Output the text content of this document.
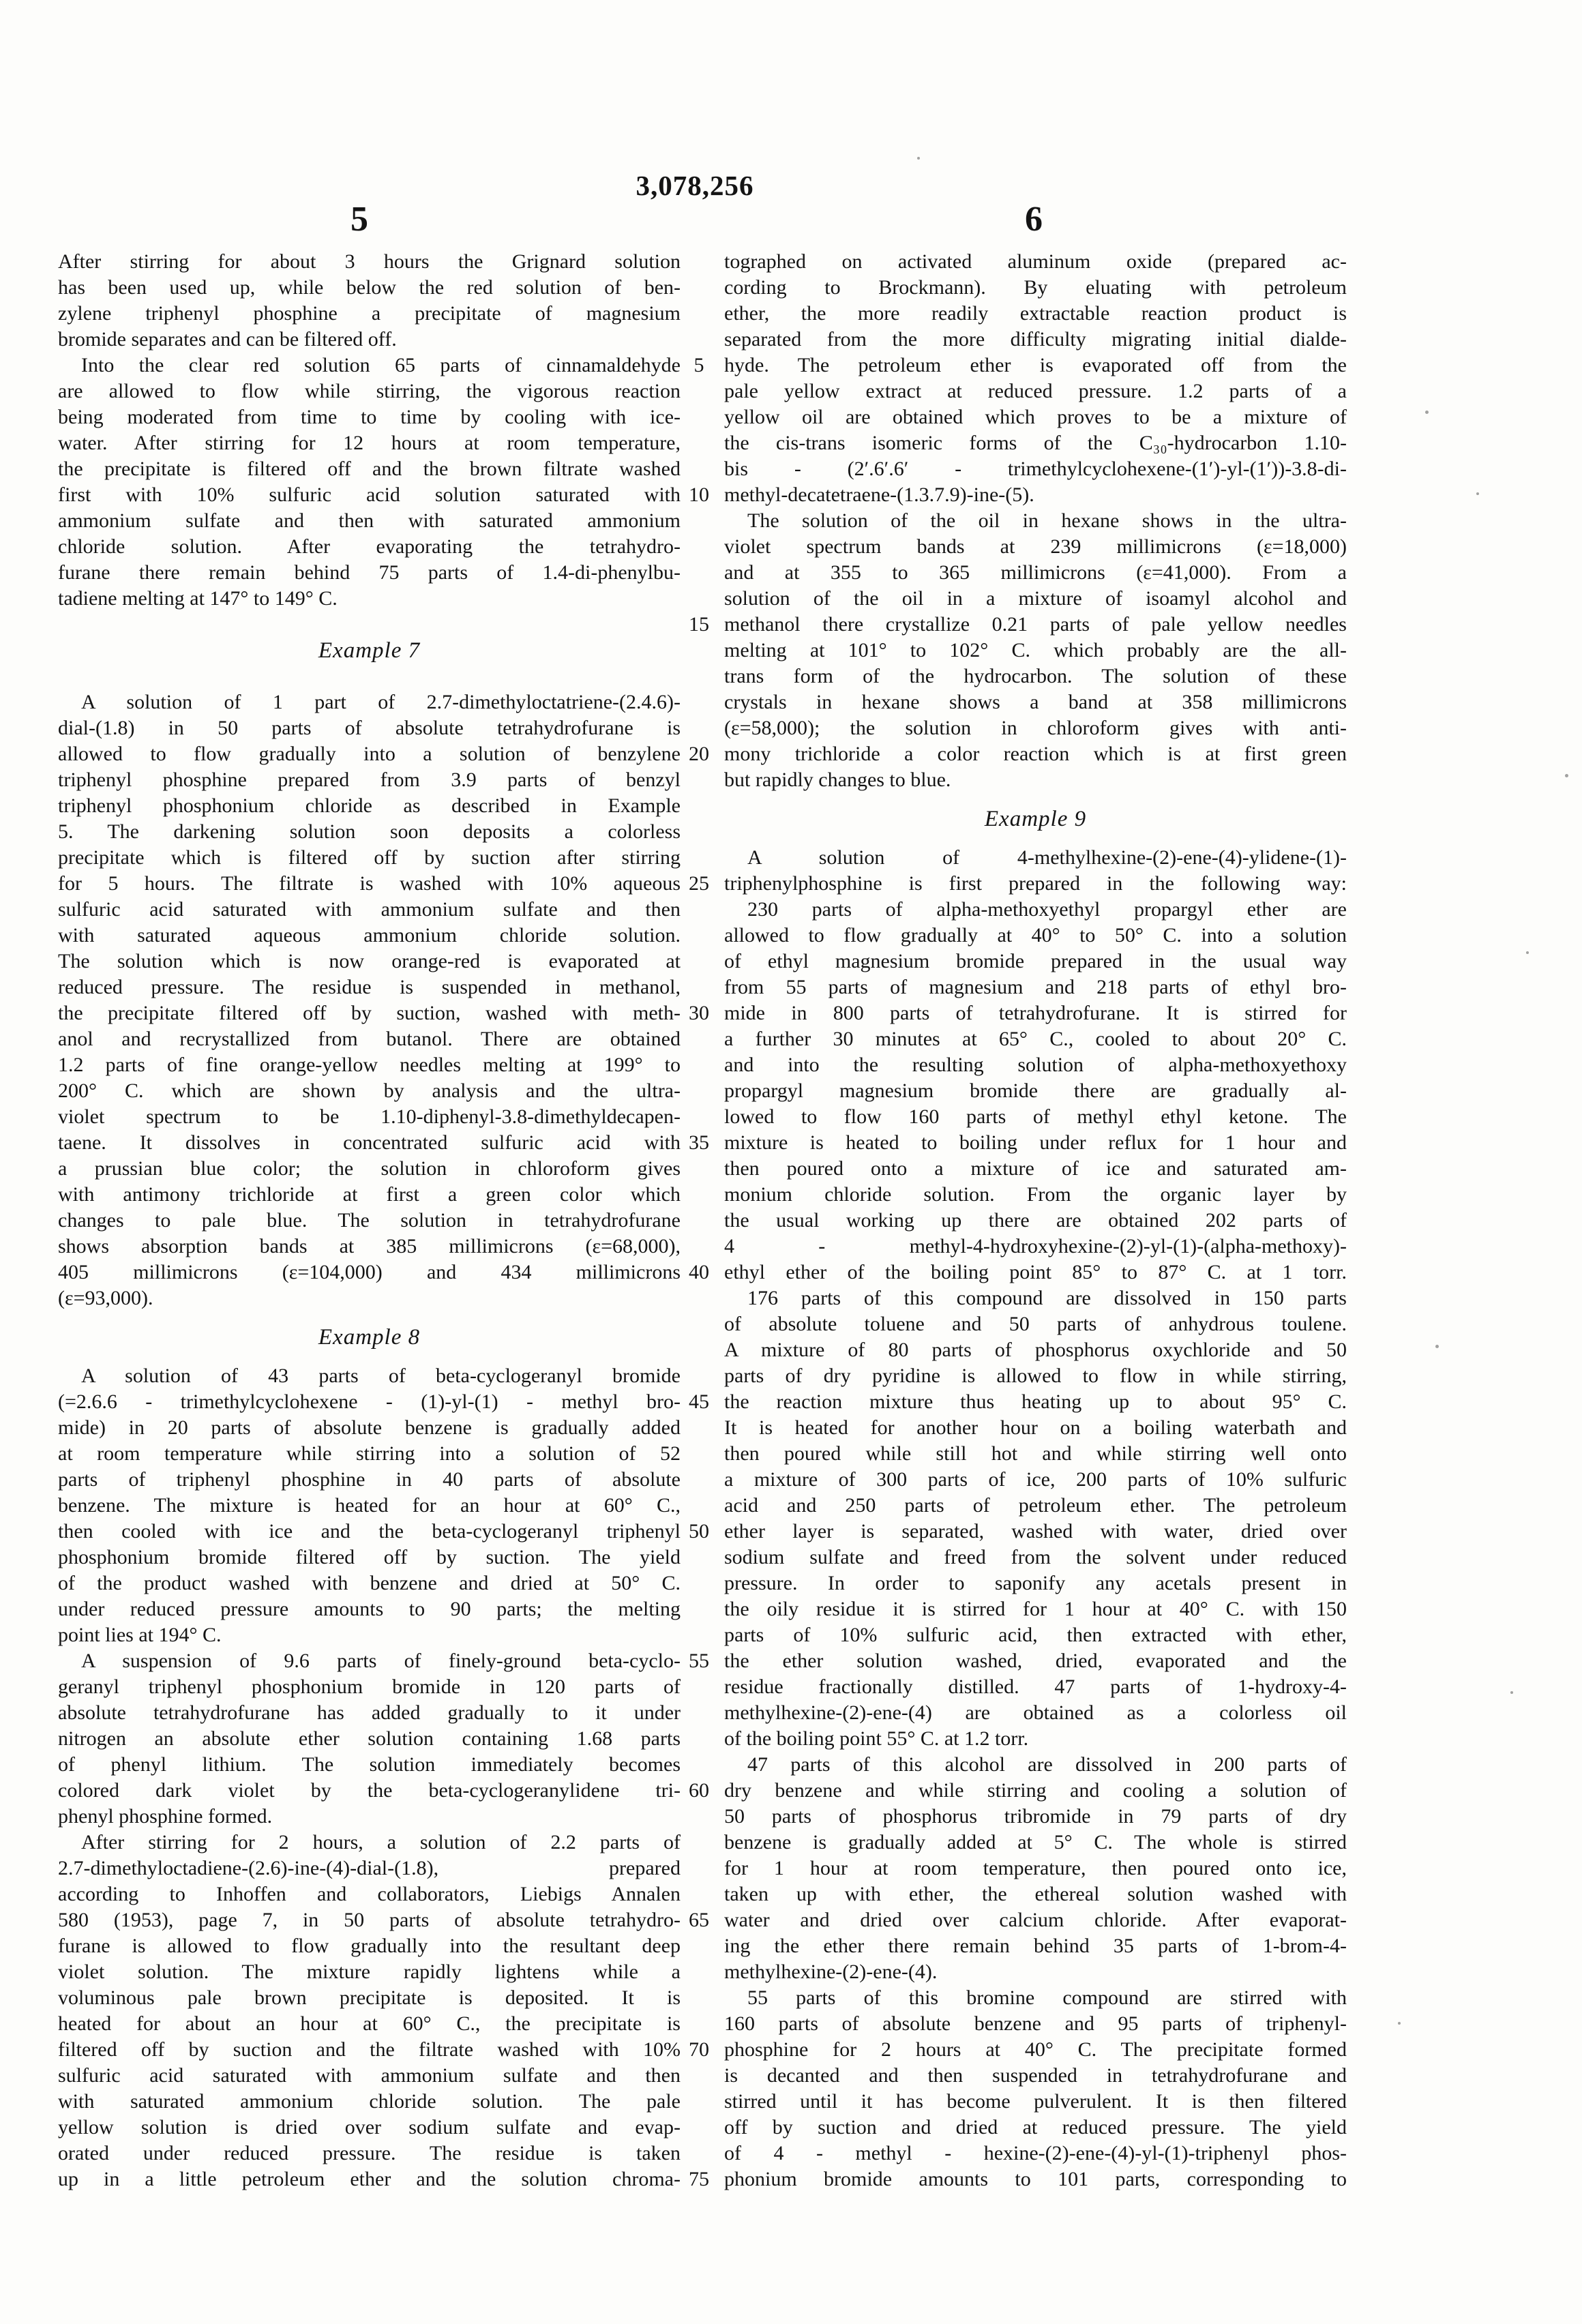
3,078,256
5	6
After stirring for about 3 hours the Grignard solution
has been used up, while below the red solution of ben-
zylene triphenyl phosphine a precipitate of magnesium
bromide separates and can be filtered off.
Into the clear red solution 65 parts of cinnamaldehyde
are allowed to flow while stirring, the vigorous reaction
being moderated from time to time by cooling with ice-
water. After stirring for 12 hours at room temperature,
the precipitate is filtered off and the brown filtrate washed
first with 10% sulfuric acid solution saturated with
ammonium sulfate and then with saturated ammonium
chloride solution. After evaporating the tetrahydro-
furane there remain behind 75 parts of 1.4-di-phenylbu-
tadiene melting at 147° to 149° C.
Example 7
A solution of 1 part of 2.7-dimethyloctatriene-(2.4.6)-
dial-(1.8) in 50 parts of absolute tetrahydrofurane is
allowed to flow gradually into a solution of benzylene
triphenyl phosphine prepared from 3.9 parts of benzyl
triphenyl phosphonium chloride as described in Example
5. The darkening solution soon deposits a colorless
precipitate which is filtered off by suction after stirring
for 5 hours. The filtrate is washed with 10% aqueous
sulfuric acid saturated with ammonium sulfate and then
with saturated aqueous ammonium chloride solution.
The solution which is now orange-red is evaporated at
reduced pressure. The residue is suspended in methanol,
the precipitate filtered off by suction, washed with meth-
anol and recrystallized from butanol. There are obtained
1.2 parts of fine orange-yellow needles melting at 199° to
200° C. which are shown by analysis and the ultra-
violet spectrum to be 1.10-diphenyl-3.8-dimethyldecapen-
taene. It dissolves in concentrated sulfuric acid with
a prussian blue color; the solution in chloroform gives
with antimony trichloride at first a green color which
changes to pale blue. The solution in tetrahydrofurane
shows absorption bands at 385 millimicrons (ε=68,000),
405 millimicrons (ε=104,000) and 434 millimicrons
(ε=93,000).
Example 8
A solution of 43 parts of beta-cyclogeranyl bromide
(=2.6.6 - trimethylcyclohexene - (1)-yl-(1) - methyl bro-
mide) in 20 parts of absolute benzene is gradually added
at room temperature while stirring into a solution of 52
parts of triphenyl phosphine in 40 parts of absolute
benzene. The mixture is heated for an hour at 60° C.,
then cooled with ice and the beta-cyclogeranyl triphenyl
phosphonium bromide filtered off by suction. The yield
of the product washed with benzene and dried at 50° C.
under reduced pressure amounts to 90 parts; the melting
point lies at 194° C.
A suspension of 9.6 parts of finely-ground beta-cyclo-
geranyl triphenyl phosphonium bromide in 120 parts of
absolute tetrahydrofurane has added gradually to it under
nitrogen an absolute ether solution containing 1.68 parts
of phenyl lithium. The solution immediately becomes
colored dark violet by the beta-cyclogeranylidene tri-
phenyl phosphine formed.
After stirring for 2 hours, a solution of 2.2 parts of
2.7-dimethyloctadiene-(2.6)-ine-(4)-dial-(1.8), prepared
according to Inhoffen and collaborators, Liebigs Annalen
580 (1953), page 7, in 50 parts of absolute tetrahydro-
furane is allowed to flow gradually into the resultant deep
violet solution. The mixture rapidly lightens while a
voluminous pale brown precipitate is deposited. It is
heated for about an hour at 60° C., the precipitate is
filtered off by suction and the filtrate washed with 10%
sulfuric acid saturated with ammonium sulfate and then
with saturated ammonium chloride solution. The pale
yellow solution is dried over sodium sulfate and evap-
orated under reduced pressure. The residue is taken
up in a little petroleum ether and the solution chroma-
5
10
15
20
25
30
35
40
45
50
55
60
65
70
75
tographed on activated aluminum oxide (prepared ac-
cording to Brockmann). By eluating with petroleum
ether, the more readily extractable reaction product is
separated from the more difficulty migrating initial dialde-
hyde. The petroleum ether is evaporated off from the
pale yellow extract at reduced pressure. 1.2 parts of a
yellow oil are obtained which proves to be a mixture of
the cis-trans isomeric forms of the C₃₀-hydrocarbon 1.10-
bis - (2′.6′.6′ - trimethylcyclohexene-(1′)-yl-(1′))-3.8-di-
methyl-decatetraene-(1.3.7.9)-ine-(5).
The solution of the oil in hexane shows in the ultra-
violet spectrum bands at 239 millimicrons (ε=18,000)
and at 355 to 365 millimicrons (ε=41,000). From a
solution of the oil in a mixture of isoamyl alcohol and
methanol there crystallize 0.21 parts of pale yellow needles
melting at 101° to 102° C. which probably are the all-
trans form of the hydrocarbon. The solution of these
crystals in hexane shows a band at 358 millimicrons
(ε=58,000); the solution in chloroform gives with anti-
mony trichloride a color reaction which is at first green
but rapidly changes to blue.
Example 9
A solution of 4-methylhexine-(2)-ene-(4)-ylidene-(1)-
triphenylphosphine is first prepared in the following way:
230 parts of alpha-methoxyethyl propargyl ether are
allowed to flow gradually at 40° to 50° C. into a solution
of ethyl magnesium bromide prepared in the usual way
from 55 parts of magnesium and 218 parts of ethyl bro-
mide in 800 parts of tetrahydrofurane. It is stirred for
a further 30 minutes at 65° C., cooled to about 20° C.
and into the resulting solution of alpha-methoxyethoxy
propargyl magnesium bromide there are gradually al-
lowed to flow 160 parts of methyl ethyl ketone. The
mixture is heated to boiling under reflux for 1 hour and
then poured onto a mixture of ice and saturated am-
monium chloride solution. From the organic layer by
the usual working up there are obtained 202 parts of
4 - methyl-4-hydroxyhexine-(2)-yl-(1)-(alpha-methoxy)-
ethyl ether of the boiling point 85° to 87° C. at 1 torr.
176 parts of this compound are dissolved in 150 parts
of absolute toluene and 50 parts of anhydrous toulene.
A mixture of 80 parts of phosphorus oxychloride and 50
parts of dry pyridine is allowed to flow in while stirring,
the reaction mixture thus heating up to about 95° C.
It is heated for another hour on a boiling waterbath and
then poured while still hot and while stirring well onto
a mixture of 300 parts of ice, 200 parts of 10% sulfuric
acid and 250 parts of petroleum ether. The petroleum
ether layer is separated, washed with water, dried over
sodium sulfate and freed from the solvent under reduced
pressure. In order to saponify any acetals present in
the oily residue it is stirred for 1 hour at 40° C. with 150
parts of 10% sulfuric acid, then extracted with ether,
the ether solution washed, dried, evaporated and the
residue fractionally distilled. 47 parts of 1-hydroxy-4-
methylhexine-(2)-ene-(4) are obtained as a colorless oil
of the boiling point 55° C. at 1.2 torr.
47 parts of this alcohol are dissolved in 200 parts of
dry benzene and while stirring and cooling a solution of
50 parts of phosphorus tribromide in 79 parts of dry
benzene is gradually added at 5° C. The whole is stirred
for 1 hour at room temperature, then poured onto ice,
taken up with ether, the ethereal solution washed with
water and dried over calcium chloride. After evaporat-
ing the ether there remain behind 35 parts of 1-brom-4-
methylhexine-(2)-ene-(4).
55 parts of this bromine compound are stirred with
160 parts of absolute benzene and 95 parts of triphenyl-
phosphine for 2 hours at 40° C. The precipitate formed
is decanted and then suspended in tetrahydrofurane and
stirred until it has become pulverulent. It is then filtered
off by suction and dried at reduced pressure. The yield
of 4 - methyl - hexine-(2)-ene-(4)-yl-(1)-triphenyl phos-
phonium bromide amounts to 101 parts, corresponding to
